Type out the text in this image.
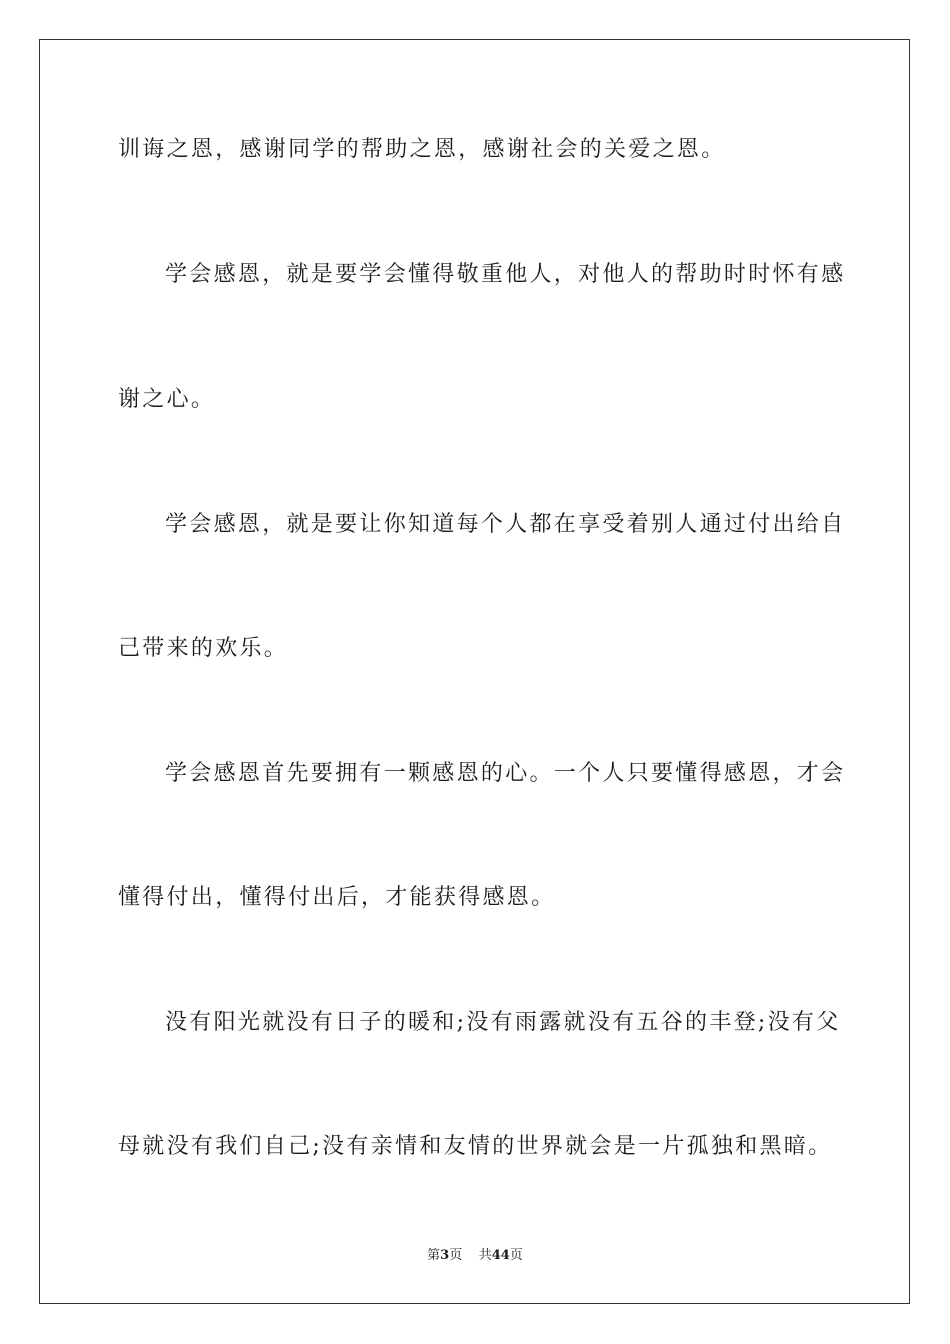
训诲之恩，感谢同学的帮助之恩，感谢社会的关爱之恩。
学会感恩，就是要学会懂得敬重他人，对他人的帮助时时怀有感
谢之心。
学会感恩，就是要让你知道每个人都在享受着别人通过付出给自
己带来的欢乐。
学会感恩首先要拥有一颗感恩的心。一个人只要懂得感恩，才会
懂得付出，懂得付出后，才能获得感恩。
没有阳光就没有日子的暖和;没有雨露就没有五谷的丰登;没有父
母就没有我们自己;没有亲情和友情的世界就会是一片孤独和黑暗。
第3页 共44页
